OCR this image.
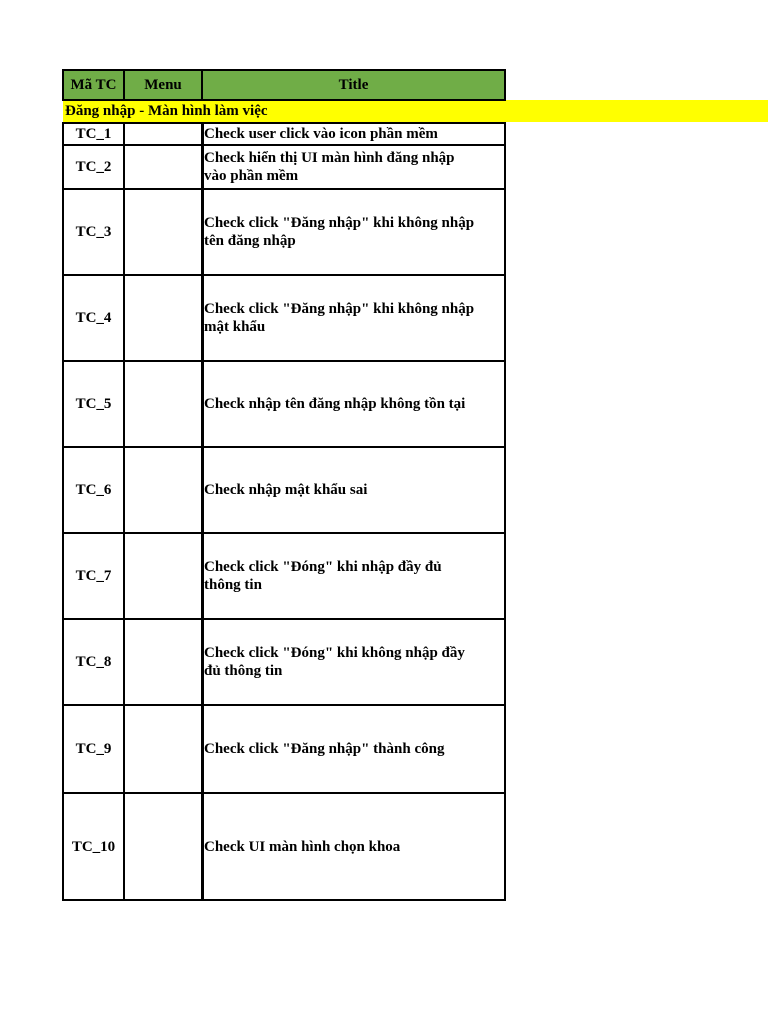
Mã TC	Menu	Title
Đăng nhập - Màn hình làm việc
TC_1
TC_2
TC_3
TC_4
TC_5
TC_6
TC_7
TC_8
TC_9
TC_10
Check user click vào icon phần mềm
Check hiển thị UI màn hình đăng nhập
vào phần mềm
Check click "Đăng nhập" khi không nhập
tên đăng nhập
Check click "Đăng nhập" khi không nhập
mật khẩu
Check nhập tên đăng nhập không tồn tại
Check nhập mật khẩu sai
Check click "Đóng" khi nhập đầy đủ
thông tin
Check click "Đóng" khi không nhập đầy
đủ thông tin
Check click "Đăng nhập" thành công
Check UI màn hình chọn khoa
